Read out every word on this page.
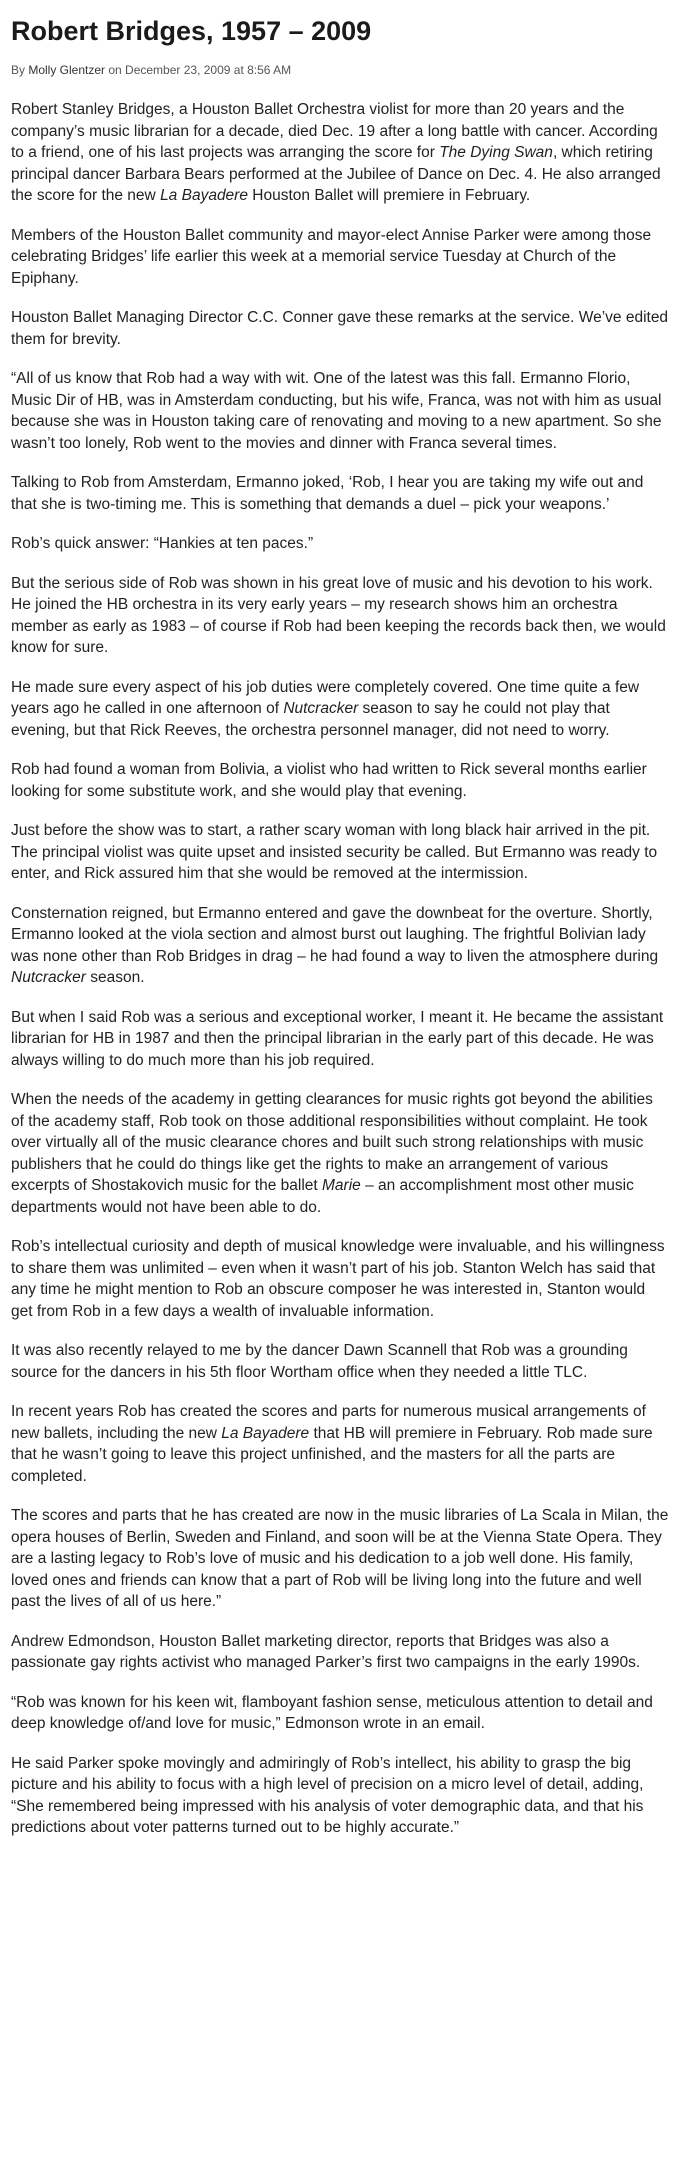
Robert Bridges, 1957 – 2009
By Molly Glentzer on December 23, 2009 at 8:56 AM

Robert Stanley Bridges, a Houston Ballet Orchestra violist for more than 20 years and the company’s music librarian for a decade, died Dec. 19 after a long battle with cancer. According to a friend, one of his last projects was arranging the score for The Dying Swan, which retiring principal dancer Barbara Bears performed at the Jubilee of Dance on Dec. 4. He also arranged the score for the new La Bayadere Houston Ballet will premiere in February.

Members of the Houston Ballet community and mayor-elect Annise Parker were among those celebrating Bridges’ life earlier this week at a memorial service Tuesday at Church of the Epiphany.

Houston Ballet Managing Director C.C. Conner gave these remarks at the service. We’ve edited them for brevity.

“All of us know that Rob had a way with wit. One of the latest was this fall. Ermanno Florio, Music Dir of HB, was in Amsterdam conducting, but his wife, Franca, was not with him as usual because she was in Houston taking care of renovating and moving to a new apartment. So she wasn’t too lonely, Rob went to the movies and dinner with Franca several times.

Talking to Rob from Amsterdam, Ermanno joked, ‘Rob, I hear you are taking my wife out and that she is two-timing me. This is something that demands a duel – pick your weapons.’

Rob’s quick answer: “Hankies at ten paces.”

But the serious side of Rob was shown in his great love of music and his devotion to his work. He joined the HB orchestra in its very early years – my research shows him an orchestra member as early as 1983 – of course if Rob had been keeping the records back then, we would know for sure.

He made sure every aspect of his job duties were completely covered. One time quite a few years ago he called in one afternoon of Nutcracker season to say he could not play that evening, but that Rick Reeves, the orchestra personnel manager, did not need to worry.

Rob had found a woman from Bolivia, a violist who had written to Rick several months earlier looking for some substitute work, and she would play that evening.

Just before the show was to start, a rather scary woman with long black hair arrived in the pit. The principal violist was quite upset and insisted security be called. But Ermanno was ready to enter, and Rick assured him that she would be removed at the intermission.

Consternation reigned, but Ermanno entered and gave the downbeat for the overture. Shortly, Ermanno looked at the viola section and almost burst out laughing. The frightful Bolivian lady was none other than Rob Bridges in drag – he had found a way to liven the atmosphere during Nutcracker season.

But when I said Rob was a serious and exceptional worker, I meant it. He became the assistant librarian for HB in 1987 and then the principal librarian in the early part of this decade. He was always willing to do much more than his job required.

When the needs of the academy in getting clearances for music rights got beyond the abilities of the academy staff, Rob took on those additional responsibilities without complaint. He took over virtually all of the music clearance chores and built such strong relationships with music publishers that he could do things like get the rights to make an arrangement of various excerpts of Shostakovich music for the ballet Marie – an accomplishment most other music departments would not have been able to do.

Rob’s intellectual curiosity and depth of musical knowledge were invaluable, and his willingness to share them was unlimited – even when it wasn’t part of his job. Stanton Welch has said that any time he might mention to Rob an obscure composer he was interested in, Stanton would get from Rob in a few days a wealth of invaluable information.

It was also recently relayed to me by the dancer Dawn Scannell that Rob was a grounding source for the dancers in his 5th floor Wortham office when they needed a little TLC.

In recent years Rob has created the scores and parts for numerous musical arrangements of new ballets, including the new La Bayadere that HB will premiere in February. Rob made sure that he wasn’t going to leave this project unfinished, and the masters for all the parts are completed.

The scores and parts that he has created are now in the music libraries of La Scala in Milan, the opera houses of Berlin, Sweden and Finland, and soon will be at the Vienna State Opera. They are a lasting legacy to Rob’s love of music and his dedication to a job well done. His family, loved ones and friends can know that a part of Rob will be living long into the future and well past the lives of all of us here.”

Andrew Edmondson, Houston Ballet marketing director, reports that Bridges was also a passionate gay rights activist who managed Parker’s first two campaigns in the early 1990s.

“Rob was known for his keen wit, flamboyant fashion sense, meticulous attention to detail and deep knowledge of/and love for music,” Edmonson wrote in an email.

He said Parker spoke movingly and admiringly of Rob’s intellect, his ability to grasp the big picture and his ability to focus with a high level of precision on a micro level of detail, adding, “She remembered being impressed with his analysis of voter demographic data, and that his predictions about voter patterns turned out to be highly accurate.”
